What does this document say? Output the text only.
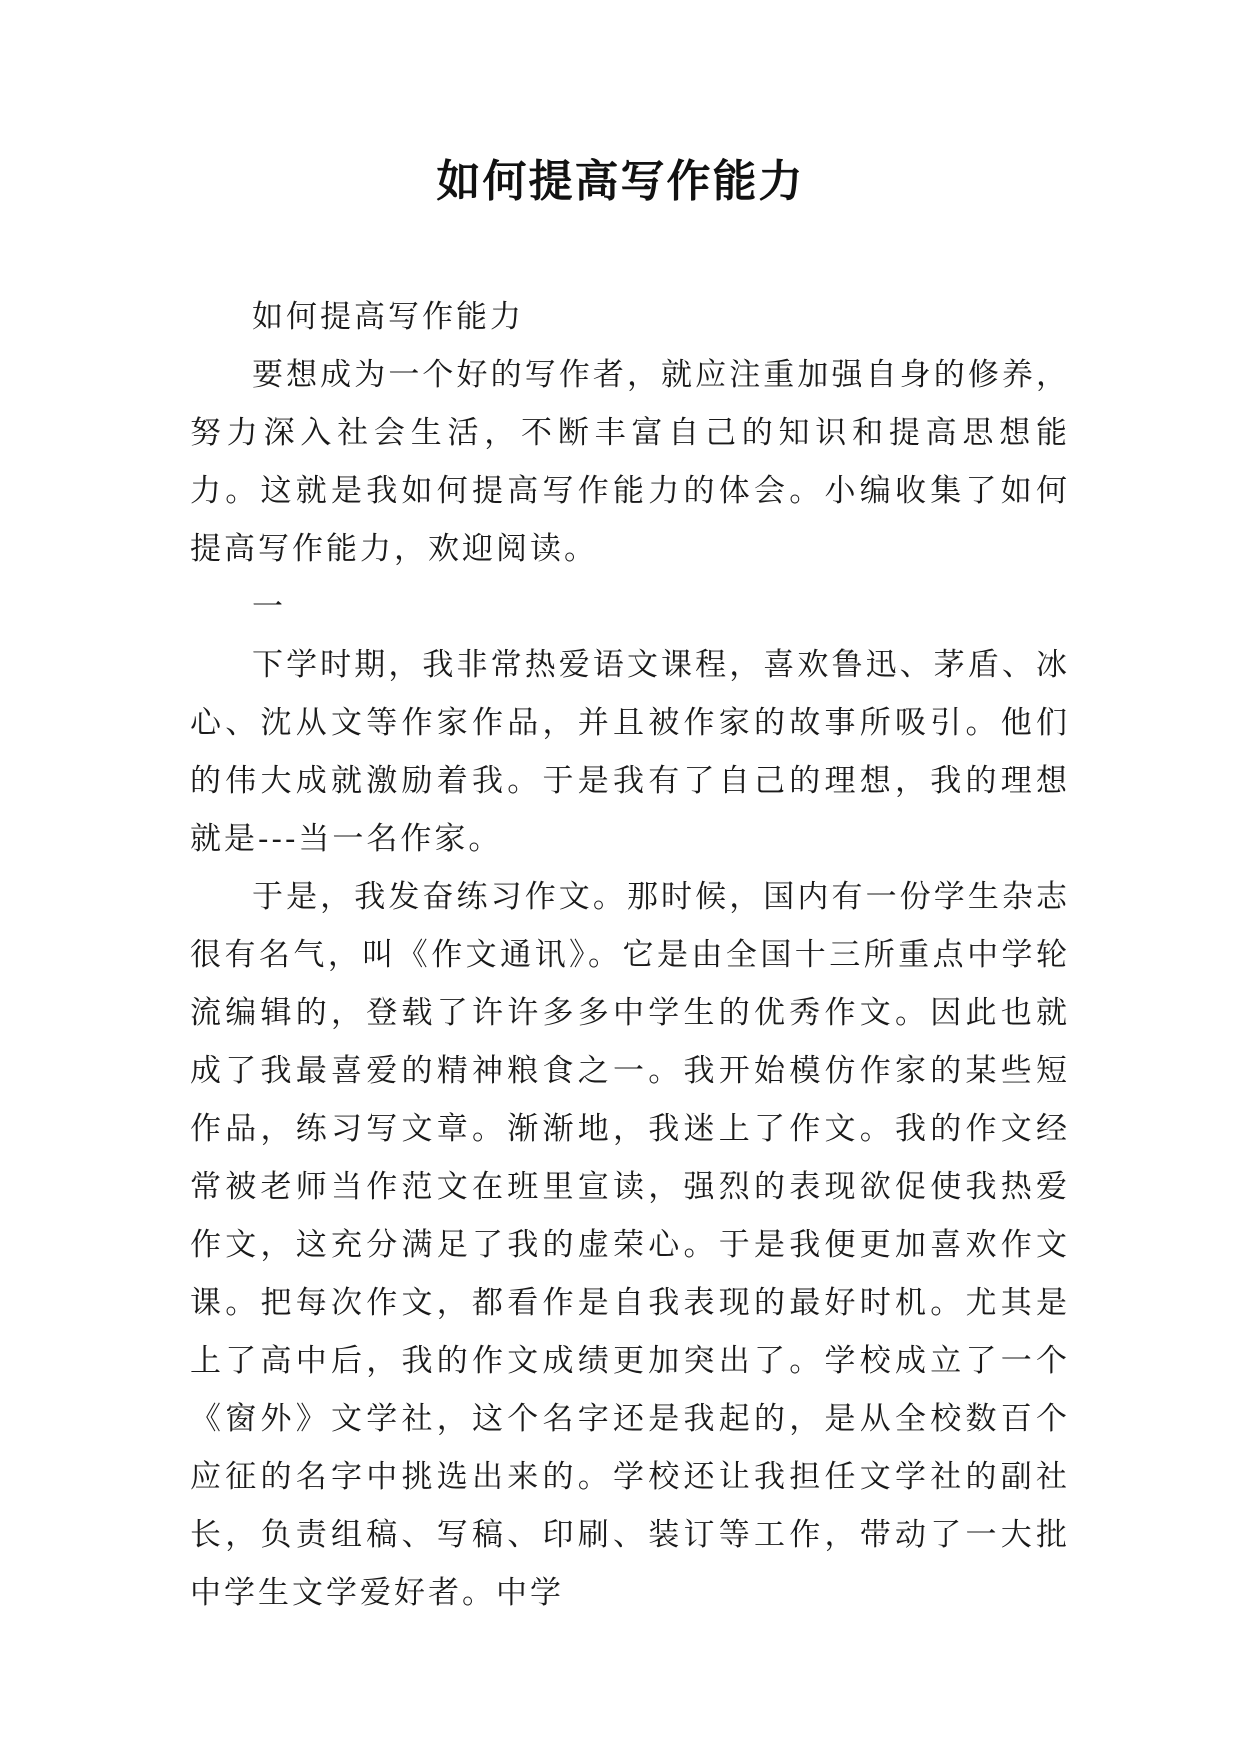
如何提高写作能力

如何提高写作能力

要想成为一个好的写作者，就应注重加强自身的修养，努力深入社会生活，不断丰富自己的知识和提高思想能力。这就是我如何提高写作能力的体会。小编收集了如何提高写作能力，欢迎阅读。

一

下学时期，我非常热爱语文课程，喜欢鲁迅、茅盾、冰心、沈从文等作家作品，并且被作家的故事所吸引。他们的伟大成就激励着我。于是我有了自己的理想，我的理想就是---当一名作家。

于是，我发奋练习作文。那时候，国内有一份学生杂志很有名气，叫《作文通讯》。它是由全国十三所重点中学轮流编辑的，登载了许许多多中学生的优秀作文。因此也就成了我最喜爱的精神粮食之一。我开始模仿作家的某些短作品，练习写文章。渐渐地，我迷上了作文。我的作文经常被老师当作范文在班里宣读，强烈的表现欲促使我热爱作文，这充分满足了我的虚荣心。于是我便更加喜欢作文课。把每次作文，都看作是自我表现的最好时机。尤其是上了高中后，我的作文成绩更加突出了。学校成立了一个《窗外》文学社，这个名字还是我起的，是从全校数百个应征的名字中挑选出来的。学校还让我担任文学社的副社长，负责组稿、写稿、印刷、装订等工作，带动了一大批中学生文学爱好者。中学
